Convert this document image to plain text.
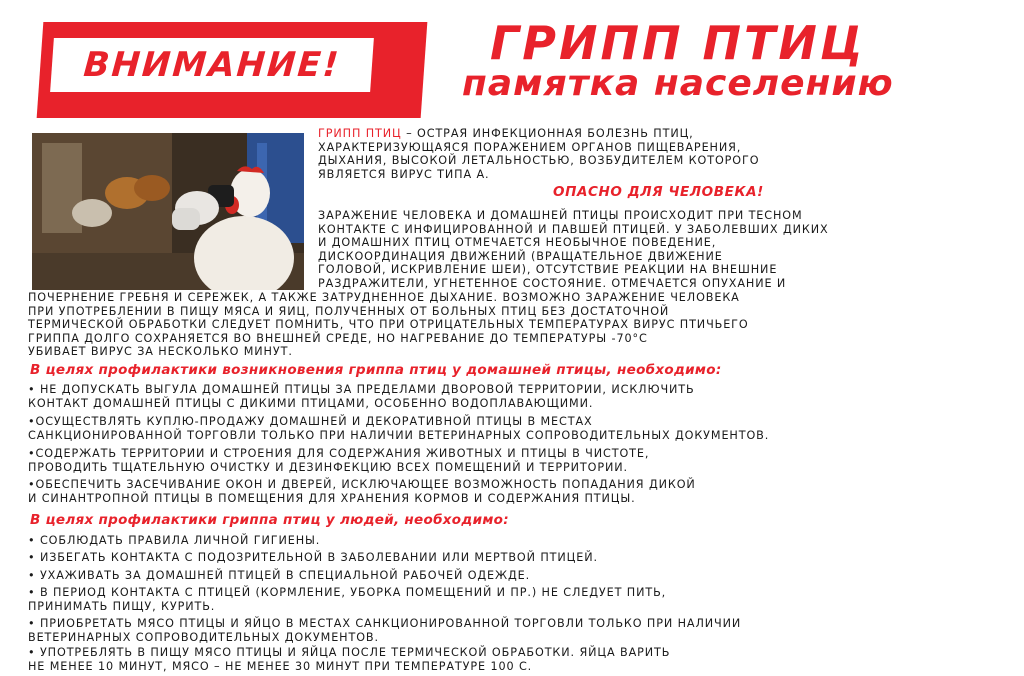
ВНИМАНИЕ!	ГРИПП ПТИЦ
памятка населению
ГРИПП ПТИЦ – ОСТРАЯ ИНФЕКЦИОННАЯ БОЛЕЗНЬ ПТИЦ,
ХАРАКТЕРИЗУЮЩАЯСЯ ПОРАЖЕНИЕМ ОРГАНОВ ПИЩЕВАРЕНИЯ,
ДЫХАНИЯ, ВЫСОКОЙ ЛЕТАЛЬНОСТЬЮ, ВОЗБУДИТЕЛЕМ КОТОРОГО
ЯВЛЯЕТСЯ ВИРУС ТИПА А.
ОПАСНО ДЛЯ ЧЕЛОВЕКА!
ЗАРАЖЕНИЕ ЧЕЛОВЕКА И ДОМАШНЕЙ ПТИЦЫ ПРОИСХОДИТ ПРИ ТЕСНОМ
КОНТАКТЕ С ИНФИЦИРОВАННОЙ И ПАВШЕЙ ПТИЦЕЙ. У ЗАБОЛЕВШИХ ДИКИХ
И ДОМАШНИХ ПТИЦ ОТМЕЧАЕТСЯ НЕОБЫЧНОЕ ПОВЕДЕНИЕ,
ДИСКООРДИНАЦИЯ ДВИЖЕНИЙ (ВРАЩАТЕЛЬНОЕ ДВИЖЕНИЕ
ГОЛОВОЙ, ИСКРИВЛЕНИЕ ШЕИ), ОТСУТСТВИЕ РЕАКЦИИ НА ВНЕШНИЕ
РАЗДРАЖИТЕЛИ, УГНЕТЕННОЕ СОСТОЯНИЕ. ОТМЕЧАЕТСЯ ОПУХАНИЕ И
ПОЧЕРНЕНИЕ ГРЕБНЯ И СЕРЕЖЕК, А ТАКЖЕ ЗАТРУДНЕННОЕ ДЫХАНИЕ. ВОЗМОЖНО ЗАРАЖЕНИЕ ЧЕЛОВЕКА
ПРИ УПОТРЕБЛЕНИИ В ПИЩУ МЯСА И ЯИЦ, ПОЛУЧЕННЫХ ОТ БОЛЬНЫХ ПТИЦ БЕЗ ДОСТАТОЧНОЙ
ТЕРМИЧЕСКОЙ ОБРАБОТКИ СЛЕДУЕТ ПОМНИТЬ, ЧТО ПРИ ОТРИЦАТЕЛЬНЫХ ТЕМПЕРАТУРАХ ВИРУС ПТИЧЬЕГО
ГРИППА ДОЛГО СОХРАНЯЕТСЯ ВО ВНЕШНЕЙ СРЕДЕ, НО НАГРЕВАНИЕ ДО ТЕМПЕРАТУРЫ -70°С
УБИВАЕТ ВИРУС ЗА НЕСКОЛЬКО МИНУТ.
В целях профилактики возникновения гриппа птиц у домашней птицы, необходимо:
• НЕ ДОПУСКАТЬ ВЫГУЛА ДОМАШНЕЙ ПТИЦЫ ЗА ПРЕДЕЛАМИ ДВОРОВОЙ ТЕРРИТОРИИ, ИСКЛЮЧИТЬ
КОНТАКТ ДОМАШНЕЙ ПТИЦЫ С ДИКИМИ ПТИЦАМИ, ОСОБЕННО ВОДОПЛАВАЮЩИМИ.
•ОСУЩЕСТВЛЯТЬ КУПЛЮ-ПРОДАЖУ ДОМАШНЕЙ И ДЕКОРАТИВНОЙ ПТИЦЫ В МЕСТАХ
САНКЦИОНИРОВАННОЙ ТОРГОВЛИ ТОЛЬКО ПРИ НАЛИЧИИ ВЕТЕРИНАРНЫХ СОПРОВОДИТЕЛЬНЫХ ДОКУМЕНТОВ.
•СОДЕРЖАТЬ ТЕРРИТОРИИ И СТРОЕНИЯ ДЛЯ СОДЕРЖАНИЯ ЖИВОТНЫХ И ПТИЦЫ В ЧИСТОТЕ,
ПРОВОДИТЬ ТЩАТЕЛЬНУЮ ОЧИСТКУ И ДЕЗИНФЕКЦИЮ ВСЕХ ПОМЕЩЕНИЙ И ТЕРРИТОРИИ.
•ОБЕСПЕЧИТЬ ЗАСЕЧИВАНИЕ ОКОН И ДВЕРЕЙ, ИСКЛЮЧАЮЩЕЕ ВОЗМОЖНОСТЬ ПОПАДАНИЯ ДИКОЙ
И СИНАНТРОПНОЙ ПТИЦЫ В ПОМЕЩЕНИЯ ДЛЯ ХРАНЕНИЯ КОРМОВ И СОДЕРЖАНИЯ ПТИЦЫ.
В целях профилактики гриппа птиц у людей, необходимо:
• СОБЛЮДАТЬ ПРАВИЛА ЛИЧНОЙ ГИГИЕНЫ.
• ИЗБЕГАТЬ КОНТАКТА С ПОДОЗРИТЕЛЬНОЙ В ЗАБОЛЕВАНИИ ИЛИ МЕРТВОЙ ПТИЦЕЙ.
• УХАЖИВАТЬ ЗА ДОМАШНЕЙ ПТИЦЕЙ В СПЕЦИАЛЬНОЙ РАБОЧЕЙ ОДЕЖДЕ.
• В ПЕРИОД КОНТАКТА С ПТИЦЕЙ (КОРМЛЕНИЕ, УБОРКА ПОМЕЩЕНИЙ И ПР.) НЕ СЛЕДУЕТ ПИТЬ,
ПРИНИМАТЬ ПИЩУ, КУРИТЬ.
• ПРИОБРЕТАТЬ МЯСО ПТИЦЫ И ЯЙЦО В МЕСТАХ САНКЦИОНИРОВАННОЙ ТОРГОВЛИ ТОЛЬКО ПРИ НАЛИЧИИ
ВЕТЕРИНАРНЫХ СОПРОВОДИТЕЛЬНЫХ ДОКУМЕНТОВ.
• УПОТРЕБЛЯТЬ В ПИЩУ МЯСО ПТИЦЫ И ЯЙЦА ПОСЛЕ ТЕРМИЧЕСКОЙ ОБРАБОТКИ. ЯЙЦА ВАРИТЬ
НЕ МЕНЕЕ 10 МИНУТ, МЯСО – НЕ МЕНЕЕ 30 МИНУТ ПРИ ТЕМПЕРАТУРЕ 100 С.
